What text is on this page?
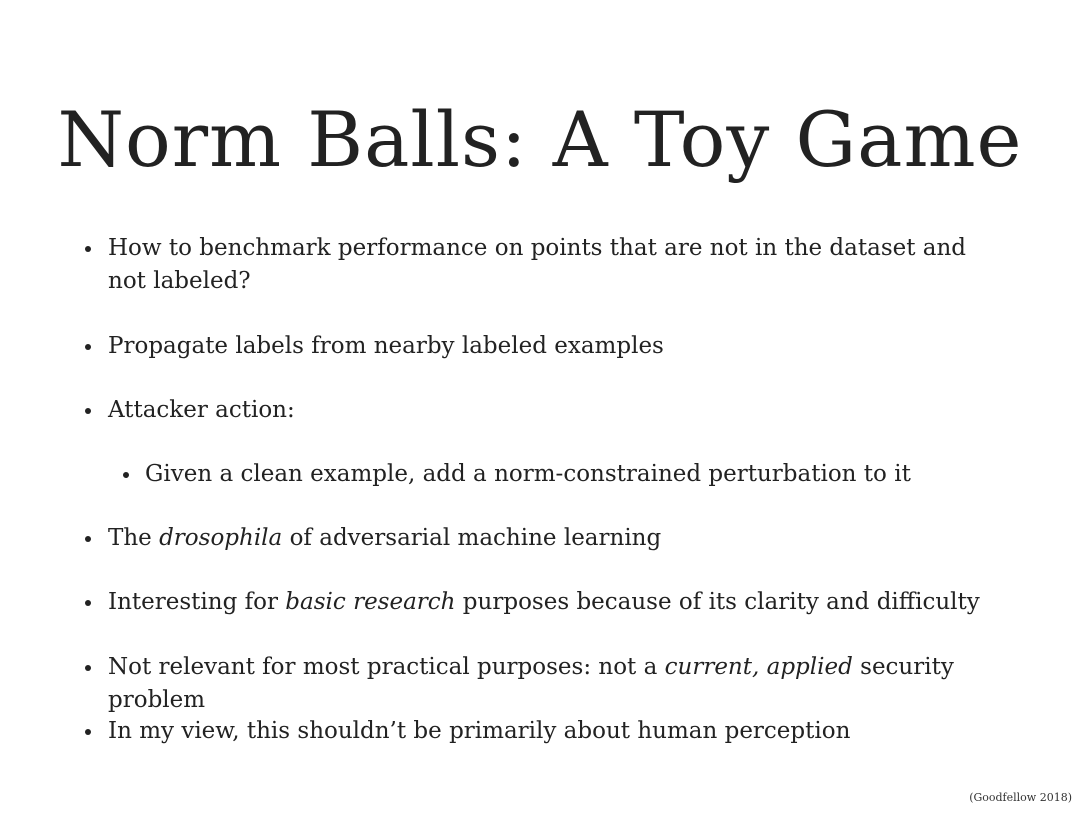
Norm Balls: A Toy Game
How to benchmark performance on points that are not in the dataset and not labeled?
Propagate labels from nearby labeled examples
Attacker action:
Given a clean example, add a norm-constrained perturbation to it
The drosophila of adversarial machine learning
Interesting for basic research purposes because of its clarity and difficulty
Not relevant for most practical purposes: not a current, applied security problem
In my view, this shouldn’t be primarily about human perception
(Goodfellow 2018)
